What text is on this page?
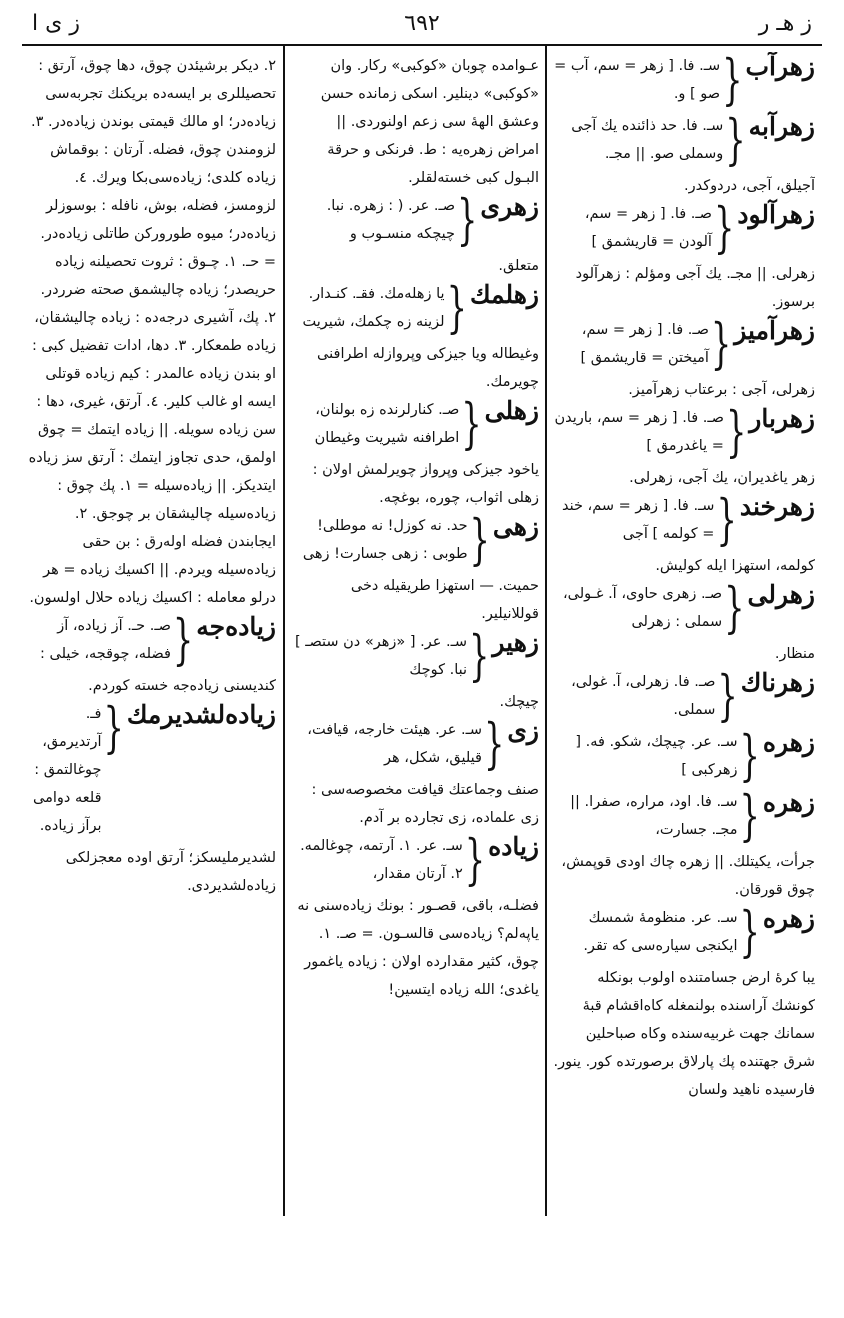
ز هـ ر
٦٩٢
ز ی ا
زهرآب
{
سـ. فا. [ زهر = سم، آب = صو ] و.
زهرآبه
{
سـ. فا. حد ذائنده يك آجى وسملى صو. || مجـ.
آجيلق، آجى، دردوكدر.
زهرآلود
{
صـ. فا. [ زهر = سم، آلودن = قاريشمق ]
زهرلى. || مجـ. يك آجى ومؤلم : زهرآلود برسوز.
زهرآميز
{
صـ. فا. [ زهر = سم، آميختن = قاريشمق ]
زهرلى، آجى : برعتاب زهرآميز.
زهربار
{
صـ. فا. [ زهر = سم، باريدن = ياغدرمق ]
زهر ياغديران، يك آجى، زهرلى.
زهرخند
{
سـ. فا. [ زهر = سم، خند = كولمه ] آجى
كولمه، استهزا ايله كوليش.
زهرلى
{
صـ. زهرى حاوى، آ. غـولى، سملى : زهرلى
منظار.
زهرناك
{
صـ. فا. زهرلى، آ. غولى، سملى.
زهره
{
سـ. عر. چيچك، شكو. فه. [ زهركبى ]
زهره
{
سـ. فا. اود، مراره، صفرا. || مجـ. جسارت،
جرأت، يكيتلك. || زهره چاك اودى قوپمش، چوق قورقان.
زهره
{
سـ. عر. منظومهٔ شمسك ايكنجى سياره‌سى كه تقر.
يبا كرهٔ ارض جسامتنده اولوب بونكله كونشك آراسنده بولنمغله كاه‌اقشام قبهٔ سمانك جهت غربيه‌سنده وكاه صباحلين شرق جهتنده پك پارلاق برصورتده كور. ينور. فارسيده ناهيد ولسان
عـوامده چوبان «كوكبى» ركار. وان «كوكبى» دينلير. اسكى زمانده حسن وعشق الههٔ سى زعم اولنوردى. || امراض زهره‌يه : ط. فرنكى و حرقة البـول كبى خسته‌لقلر.
زهرى
{
صـ. عر. ( : زهره. نبا. چيچكه منسـوب و
متعلق.
زهلمك
{
يا زهله‌مك. فقـ. كنـدار. لزينه زه چكمك، شيريت
وغيطاله ويا جيزكى وپروازله اطرافنى چويرمك.
زهلى
{
صـ. كنارلرنده زه بولنان، اطرافنه شيريت وغيطان
ياخود جيزكى وپرواز چويرلمش اولان : زهلى اثواب، چوره، بوغچه.
زهى
{
حد. نه كوزل! نه موطلى! طوبى : زهى جسارت! زهى
حميت. — استهزا طريقيله دخى قوللانيلير.
زهير
{
سـ. عر. [ «زهر» دن ستصـ ] نبا. كوچك
چيچك.
زى
{
سـ. عر. هيئت خارجه، قيافت، قيليق، شكل، هر
صنف وجماعتك قيافت مخصوصه‌سى : زى علماده، زى تجارده بر آدم.
زياده
{
سـ. عر. ١. آرتمه، چوغالمه. ٢. آرتان مقدار،
فضلـه، باقى، قصـور : بونك زياده‌سنى نه يا‌په‌لم؟ زياده‌سى قالسـون. = صـ. ١. چوق، كثير مقدارده اولان : زياده ياغمور ياغدى؛ الله زياده ايتسين!
٢. ديكر برشيئدن چوق، دها چوق، آرتق : تحصيللرى بر ايسه‌ده بريكنك تجربه‌سى زياده‌در؛ او مالك قيمتى بوندن زياده‌در. ٣. لزومندن چوق، فضله. آرتان : بوقماش زياده كلدى؛ زياده‌سى‌بكا ويرك. ٤. لزومسز، فضله، بوش، نافله : بوسوزلر زياده‌در؛ ميوه طوروركن طاتلى زياده‌در. = حـ. ١. چـوق : ثروت تحصيلنه زياده حريصدر؛ زياده چاليشمق صحته ضرردر. ٢. پك، آشيرى درجه‌ده : زياده چاليشقان، زياده طمعكار. ٣. دها، ادات تفضيل كبى : او بندن زياده عالمدر : كيم زياده قوتلى ايسه او غالب كلير. ٤. آرتق، غيرى، دها : سن زياده سويله. || زياده ايتمك = چوق اولمق، حدى تجاوز ايتمك : آرتق سز زياده ايتديكز. || زياده‌سيله = ١. پك چوق : زياده‌سيله چاليشقان بر چوجق. ٢. ايجابندن فضله اوله‌رق : بن حقى زياده‌سيله ويردم. || اكسيك زياده = هر درلو معامله : اكسيك زياده حلال اولسون.
زياده‌جه
{
صـ. حـ. آز زياده، آز فضله، چوقجه، خيلى :
كنديسنى زياده‌جه خسته كوردم.
زياده‌لشديرمك
{
فـ. آرتديرمق، چو‌غالتمق : قلعه دوامى برآز زياده.
لشديرمليسكز؛ آرتق اوده معجزلكى زياده‌لشديردى.
